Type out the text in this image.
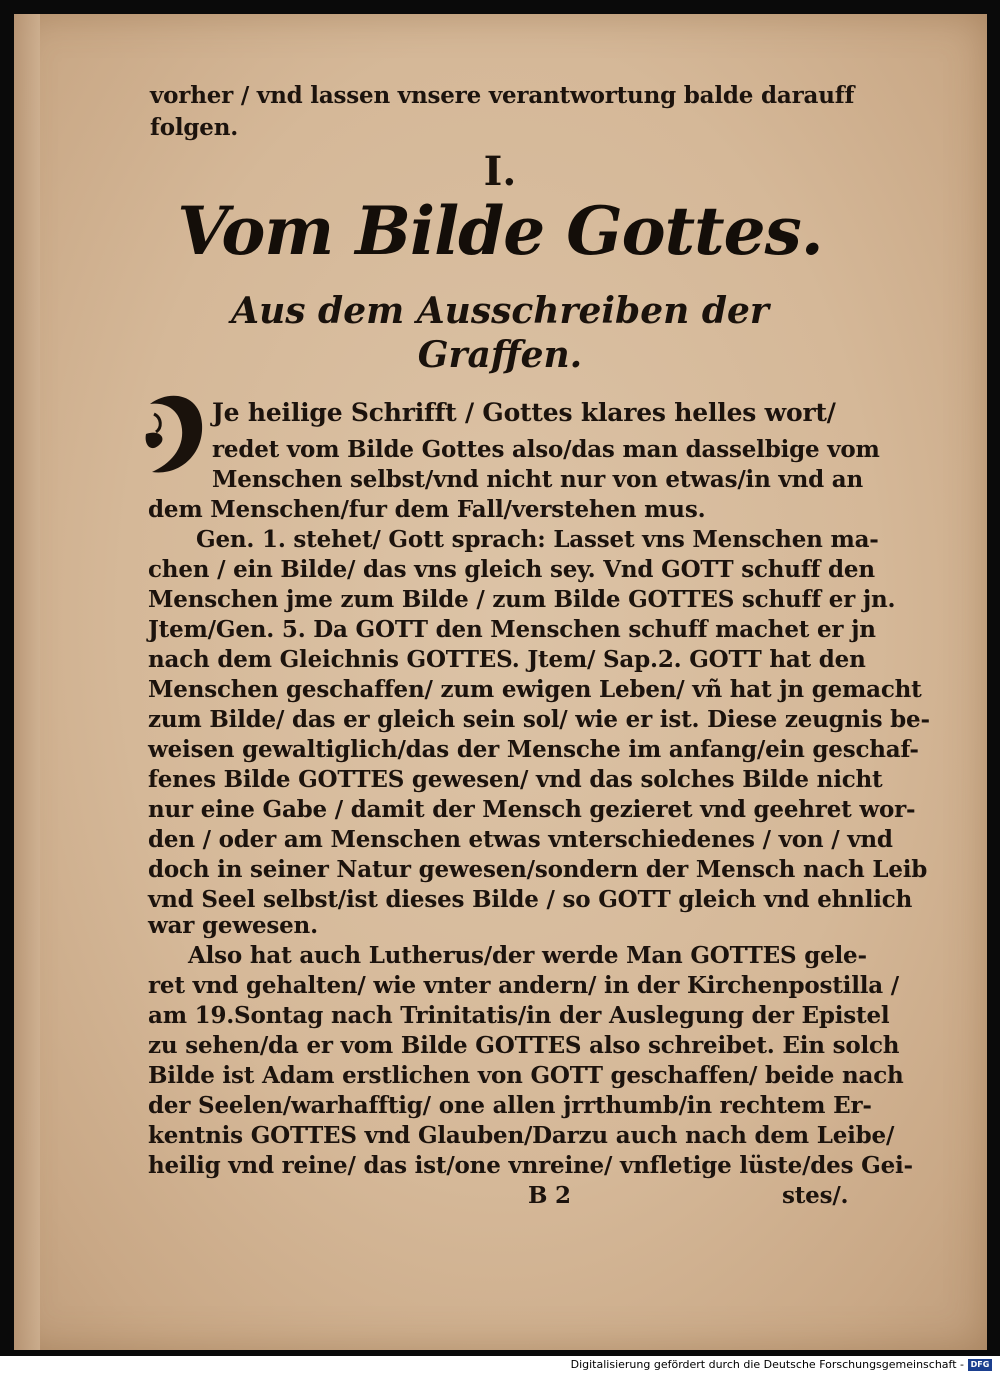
vorher / vnd lassen vnsere verantwortung balde darauff
folgen.
I.
Vom Bilde Gottes.
Aus dem Ausschreiben der
Graffen.
Je heilige Schrifft / Gottes klares helles wort/
redet vom Bilde Gottes also/das man dasselbige vom
Menschen selbst/vnd nicht nur von etwas/in vnd an
dem Menschen/fur dem Fall/verstehen mus.
Gen. 1. stehet/ Gott sprach: Lasset vns Menschen ma-
chen / ein Bilde/ das vns gleich sey. Vnd GOTT schuff den
Menschen jme zum Bilde / zum Bilde GOTTES schuff er jn.
Jtem/Gen. 5. Da GOTT den Menschen schuff machet er jn
nach dem Gleichnis GOTTES. Jtem/ Sap.2. GOTT hat den
Menschen geschaffen/ zum ewigen Leben/ vñ hat jn gemacht
zum Bilde/ das er gleich sein sol/ wie er ist. Diese zeugnis be-
weisen gewaltiglich/das der Mensche im anfang/ein geschaf-
fenes Bilde GOTTES gewesen/ vnd das solches Bilde nicht
nur eine Gabe / damit der Mensch gezieret vnd geehret wor-
den / oder am Menschen etwas vnterschiedenes / von / vnd
doch in seiner Natur gewesen/sondern der Mensch nach Leib
vnd Seel selbst/ist dieses Bilde / so GOTT gleich vnd ehnlich
war gewesen.
Also hat auch Lutherus/der werde Man GOTTES gele-
ret vnd gehalten/ wie vnter andern/ in der Kirchenpostilla /
am 19.Sontag nach Trinitatis/in der Auslegung der Epistel
zu sehen/da er vom Bilde GOTTES also schreibet. Ein solch
Bilde ist Adam erstlichen von GOTT geschaffen/ beide nach
der Seelen/warhafftig/ one allen jrrthumb/in rechtem Er-
kentnis GOTTES vnd Glauben/Darzu auch nach dem Leibe/
heilig vnd reine/ das ist/one vnreine/ vnfletige lüste/des Gei-
B 2	stes/.
Digitalisierung gefördert durch die Deutsche Forschungsgemeinschaft - DFG
